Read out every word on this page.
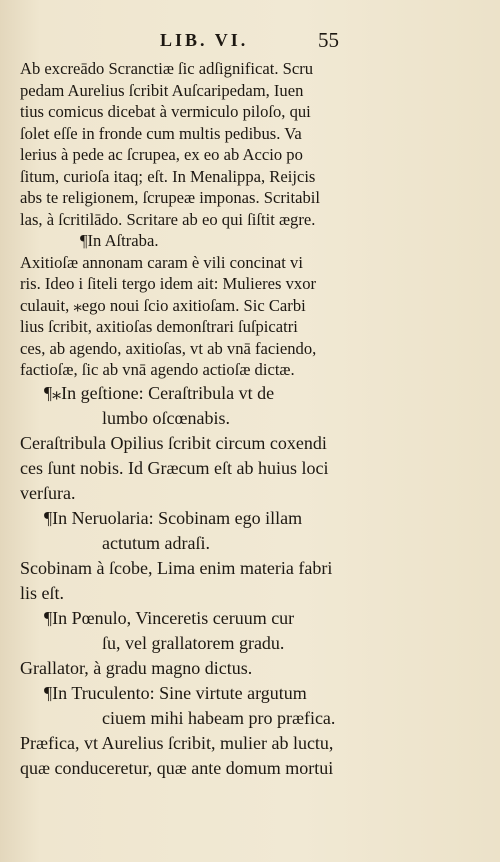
LIB. VI.	55
Ab excreādo Scranctiæ ſic adſignificat. Scru
pedam Aurelius ſcribit Auſcaripedam, Iuen
tius comicus dicebat à vermiculo piloſo, qui
ſolet eſſe in fronde cum multis pedibus. Va
lerius à pede ac ſcrupea, ex eo ab Accio po
ſitum, curioſa itaq; eſt. In Menalippa, Reijcis
abs te religionem, ſcrupeæ imponas. Scritabil
las, à ſcritilādo. Scritare ab eo qui ſiſtit ægre.
¶In Aſtraba.
Axitioſæ annonam caram è vili concinat vi
ris. Ideo i ſiteli tergo idem ait: Mulieres vxor
culauit, ⁎ego noui ſcio axitioſam. Sic Carbi
lius ſcribit, axitioſas demonſtrari ſuſpicatri
ces, ab agendo, axitioſas, vt ab vnā faciendo,
factioſæ, ſic ab vnā agendo actioſæ dictæ.
¶⁎In geſtione: Ceraſtribula vt de
lumbo oſcœnabis.
Ceraſtribula Opilius ſcribit circum coxendi
ces ſunt nobis. Id Græcum eſt ab huius loci
verſura.
¶In Neruolaria: Scobinam ego illam
actutum adraſi.
Scobinam à ſcobe, Lima enim materia fabri
lis eſt.
¶In Pœnulo, Vinceretis ceruum cur
ſu, vel grallatorem gradu.
Grallator, à gradu magno dictus.
¶In Truculento: Sine virtute argutum
ciuem mihi habeam pro præfica.
Præfica, vt Aurelius ſcribit, mulier ab luctu,
quæ conduceretur, quæ ante domum mortui
